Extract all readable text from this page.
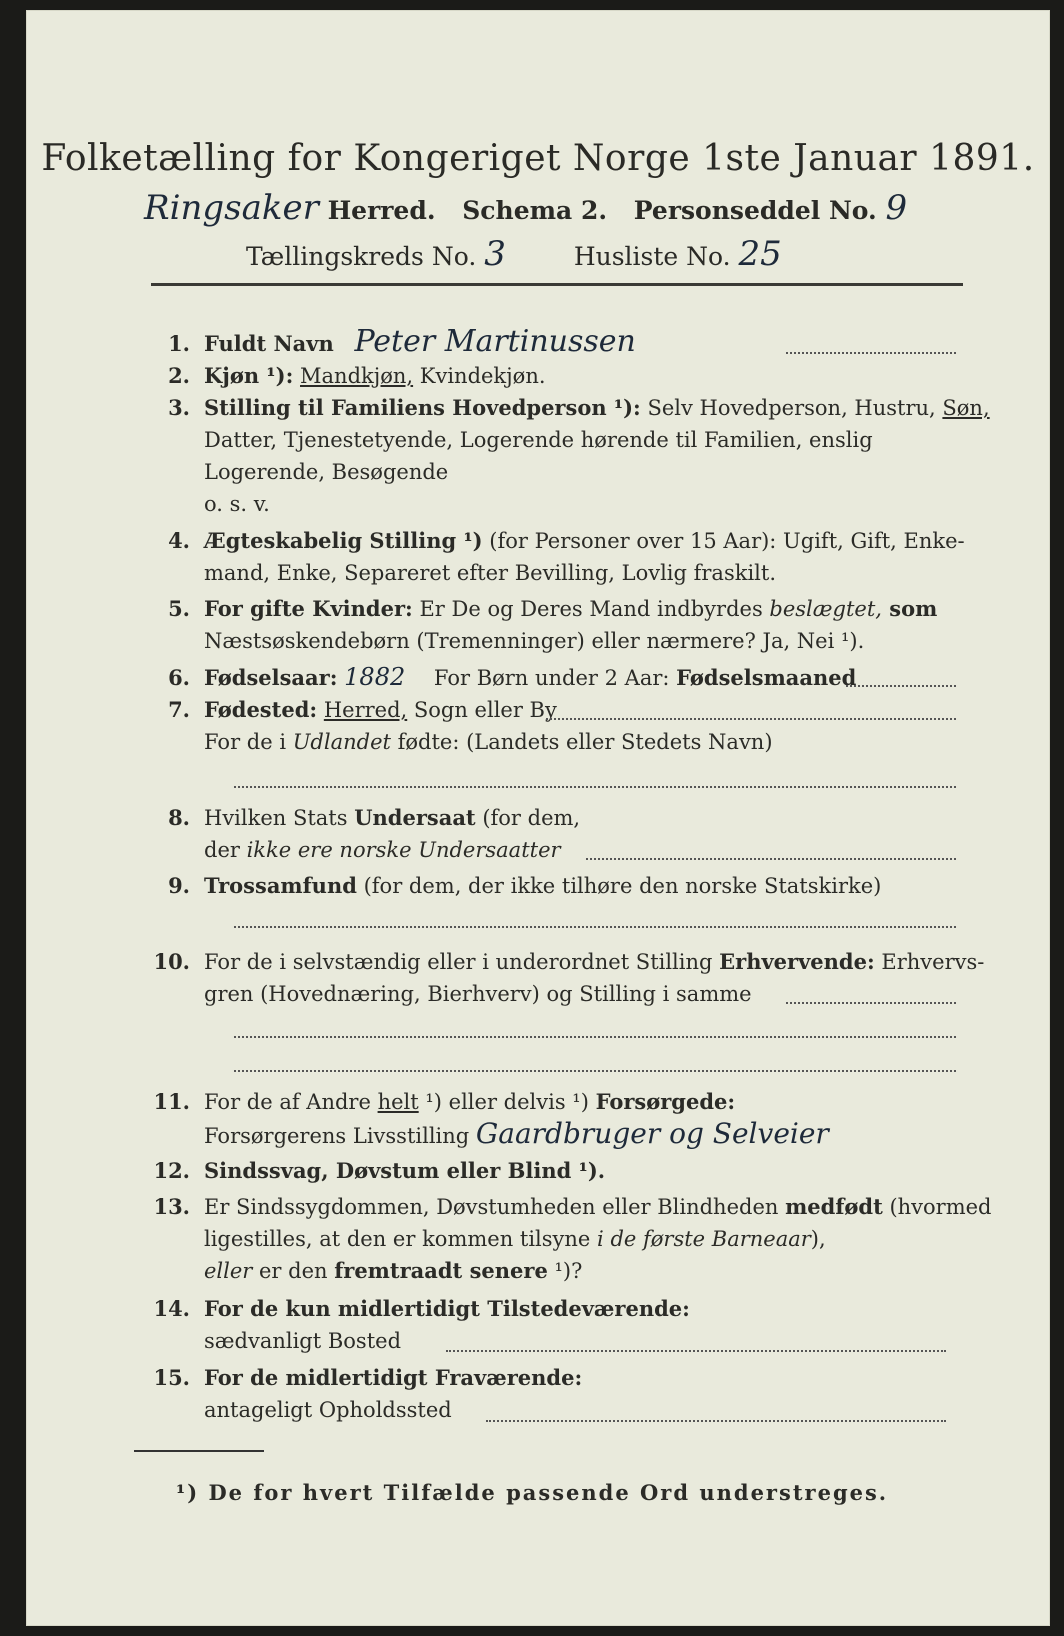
Folketælling for Kongeriget Norge 1ste Januar 1891.
Ringsaker Herred. Schema 2. Personseddel No. 9
Tællingskreds No. 3	Husliste No. 25
1. Fuldt Navn Peter Martinussen
2. Kjøn ¹): Mandkjøn, Kvindekjøn.
3. Stilling til Familiens Hovedperson ¹): Selv Hovedperson, Hustru, Søn,
Datter, Tjenestetyende, Logerende hørende til Familien, enslig
Logerende, Besøgende
o. s. v.
4. Ægteskabelig Stilling ¹) (for Personer over 15 Aar): Ugift, Gift, Enke-
mand, Enke, Separeret efter Bevilling, Lovlig fraskilt.
5. For gifte Kvinder: Er De og Deres Mand indbyrdes beslægtet, som
Næstsøskendebørn (Tremenninger) eller nærmere? Ja, Nei ¹).
6. Fødselsaar: 1882 For Børn under 2 Aar: Fødselsmaaned
7. Fødested: Herred, Sogn eller By
For de i Udlandet fødte: (Landets eller Stedets Navn)
8. Hvilken Stats Undersaat (for dem,
der ikke ere norske Undersaatter
9. Trossamfund (for dem, der ikke tilhøre den norske Statskirke)
10. For de i selvstændig eller i underordnet Stilling Erhvervende: Erhvervs-
gren (Hovednæring, Bierhverv) og Stilling i samme
11. For de af Andre helt ¹) eller delvis ¹) Forsørgede:
Forsørgerens Livsstilling Gaardbruger og Selveier
12. Sindssvag, Døvstum eller Blind ¹).
13. Er Sindssygdommen, Døvstumheden eller Blindheden medfødt (hvormed
ligestilles, at den er kommen tilsyne i de første Barneaar),
eller er den fremtraadt senere ¹)?
14. For de kun midlertidigt Tilstedeværende:
sædvanligt Bosted
15. For de midlertidigt Fraværende:
antageligt Opholdssted
¹) De for hvert Tilfælde passende Ord understreges.
